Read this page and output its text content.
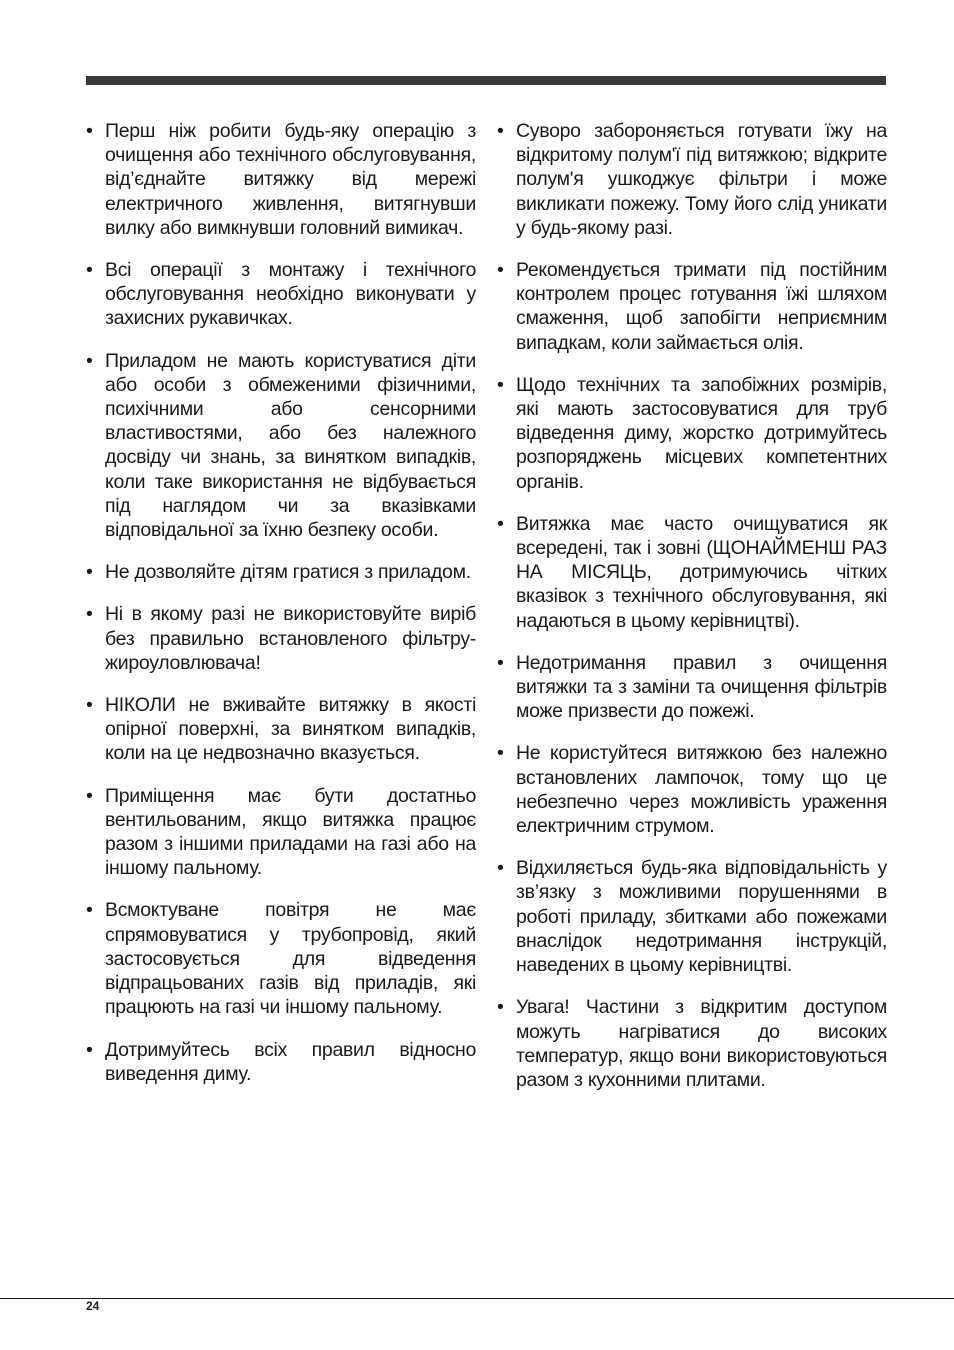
• Перш ніж робити будь-яку операцію з очищення або технічного обслуговування, від’єднайте витяжку від мережі електричного живлення, витягнувши вилку або вимкнувши головний вимикач.

• Всі операції з монтажу і технічного обслуговування необхідно виконувати у захисних рукавичках.

• Приладом не мають користуватися діти або особи з обмеженими фізичними, психічними або сенсорними властивостями, або без належного досвіду чи знань, за винятком випадків, коли таке використання не відбувається під наглядом чи за вказівками відповідальної за їхню безпеку особи.

• Не дозволяйте дітям гратися з приладом.

• Ні в якому разі не використовуйте виріб без правильно встановленого фільтру-жироуловлювача!

• НІКОЛИ не вживайте витяжку в якості опірної поверхні, за винятком випадків, коли на це недвозначно вказується.

• Приміщення має бути достатньо вентильованим, якщо витяжка працює разом з іншими приладами на газі або на іншому пальному.

• Всмоктуване повітря не має спрямовуватися у трубопровід, який застосовується для відведення відпрацьованих газів від приладів, які працюють на газі чи іншому пальному.

• Дотримуйтесь всіх правил відносно виведення диму.

• Суворо забороняється готувати їжу на відкритому полум'ї під витяжкою; відкрите полум'я ушкоджує фільтри і може викликати пожежу. Тому його слід уникати у будь-якому разі.

• Рекомендується тримати під постійним контролем процес готування їжі шляхом смаження, щоб запобігти неприємним випадкам, коли займається олія.

• Щодо технічних та запобіжних розмірів, які мають застосовуватися для труб відведення диму, жорстко дотримуйтесь розпоряджень місцевих компетентних органів.

• Витяжка має часто очищуватися як всередені, так і зовні (ЩОНАЙМЕНШ РАЗ НА МІСЯЦЬ, дотримуючись чітких вказівок з технічного обслуговування, які надаються в цьому керівництві).

• Недотримання правил з очищення витяжки та з заміни та очищення фільтрів може призвести до пожежі.

• Не користуйтеся витяжкою без належно встановлених лампочок, тому що це небезпечно через можливість ураження електричним струмом.

• Відхиляється будь-яка відповідальність у зв’язку з можливими порушеннями в роботі приладу, збитками або пожежами внаслідок недотримання інструкцій, наведених в цьому керівництві.

• Увага! Частини з відкритим доступом можуть нагріватися до високих температур, якщо вони використовуються разом з кухонними плитами.

24
